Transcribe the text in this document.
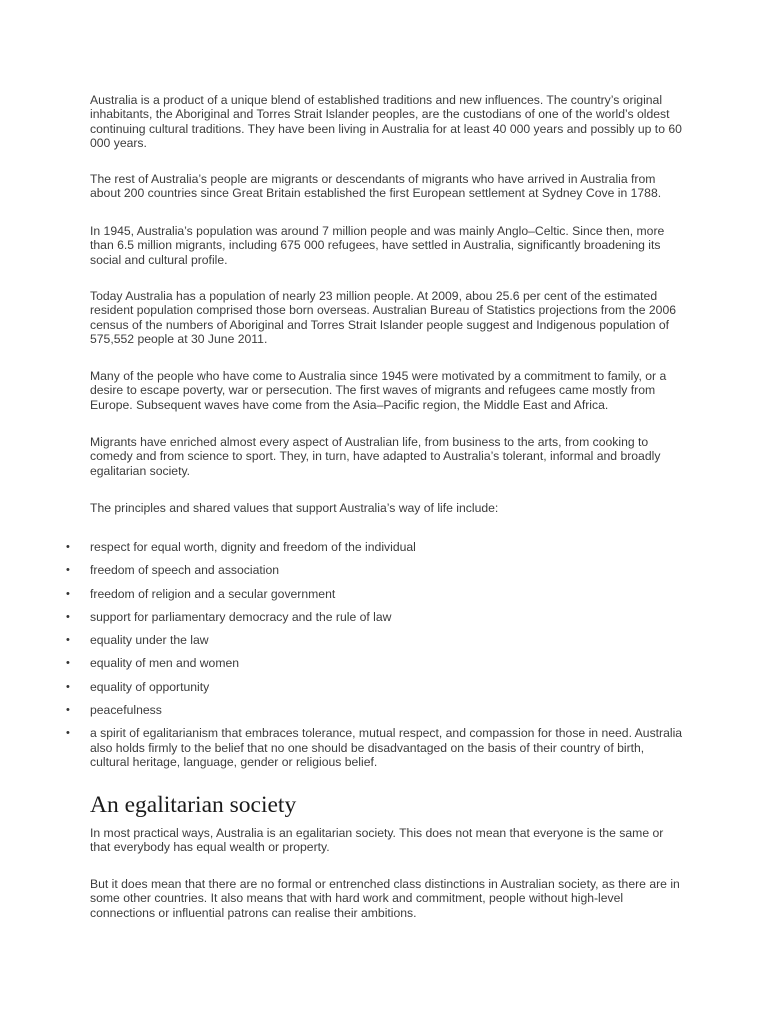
Australia is a product of a unique blend of established traditions and new influences. The country’s original inhabitants, the Aboriginal and Torres Strait Islander peoples, are the custodians of one of the world’s oldest continuing cultural traditions. They have been living in Australia for at least 40 000 years and possibly up to 60 000 years.

The rest of Australia’s people are migrants or descendants of migrants who have arrived in Australia from about 200 countries since Great Britain established the first European settlement at Sydney Cove in 1788.

In 1945, Australia’s population was around 7 million people and was mainly Anglo–Celtic. Since then, more than 6.5 million migrants, including 675 000 refugees, have settled in Australia, significantly broadening its social and cultural profile.

Today Australia has a population of nearly 23 million people. At 2009, abou 25.6 per cent of the estimated resident population comprised those born overseas. Australian Bureau of Statistics projections from the 2006 census of the numbers of Aboriginal and Torres Strait Islander people suggest and Indigenous population of 575,552 people at 30 June 2011.

Many of the people who have come to Australia since 1945 were motivated by a commitment to family, or a desire to escape poverty, war or persecution. The first waves of migrants and refugees came mostly from Europe. Subsequent waves have come from the Asia–Pacific region, the Middle East and Africa.

Migrants have enriched almost every aspect of Australian life, from business to the arts, from cooking to comedy and from science to sport. They, in turn, have adapted to Australia’s tolerant, informal and broadly egalitarian society.

The principles and shared values that support Australia’s way of life include:

• respect for equal worth, dignity and freedom of the individual
• freedom of speech and association
• freedom of religion and a secular government
• support for parliamentary democracy and the rule of law
• equality under the law
• equality of men and women
• equality of opportunity
• peacefulness
• a spirit of egalitarianism that embraces tolerance, mutual respect, and compassion for those in need. Australia also holds firmly to the belief that no one should be disadvantaged on the basis of their country of birth, cultural heritage, language, gender or religious belief.
An egalitarian society

In most practical ways, Australia is an egalitarian society. This does not mean that everyone is the same or that everybody has equal wealth or property.

But it does mean that there are no formal or entrenched class distinctions in Australian society, as there are in some other countries. It also means that with hard work and commitment, people without high-level connections or influential patrons can realise their ambitions.
